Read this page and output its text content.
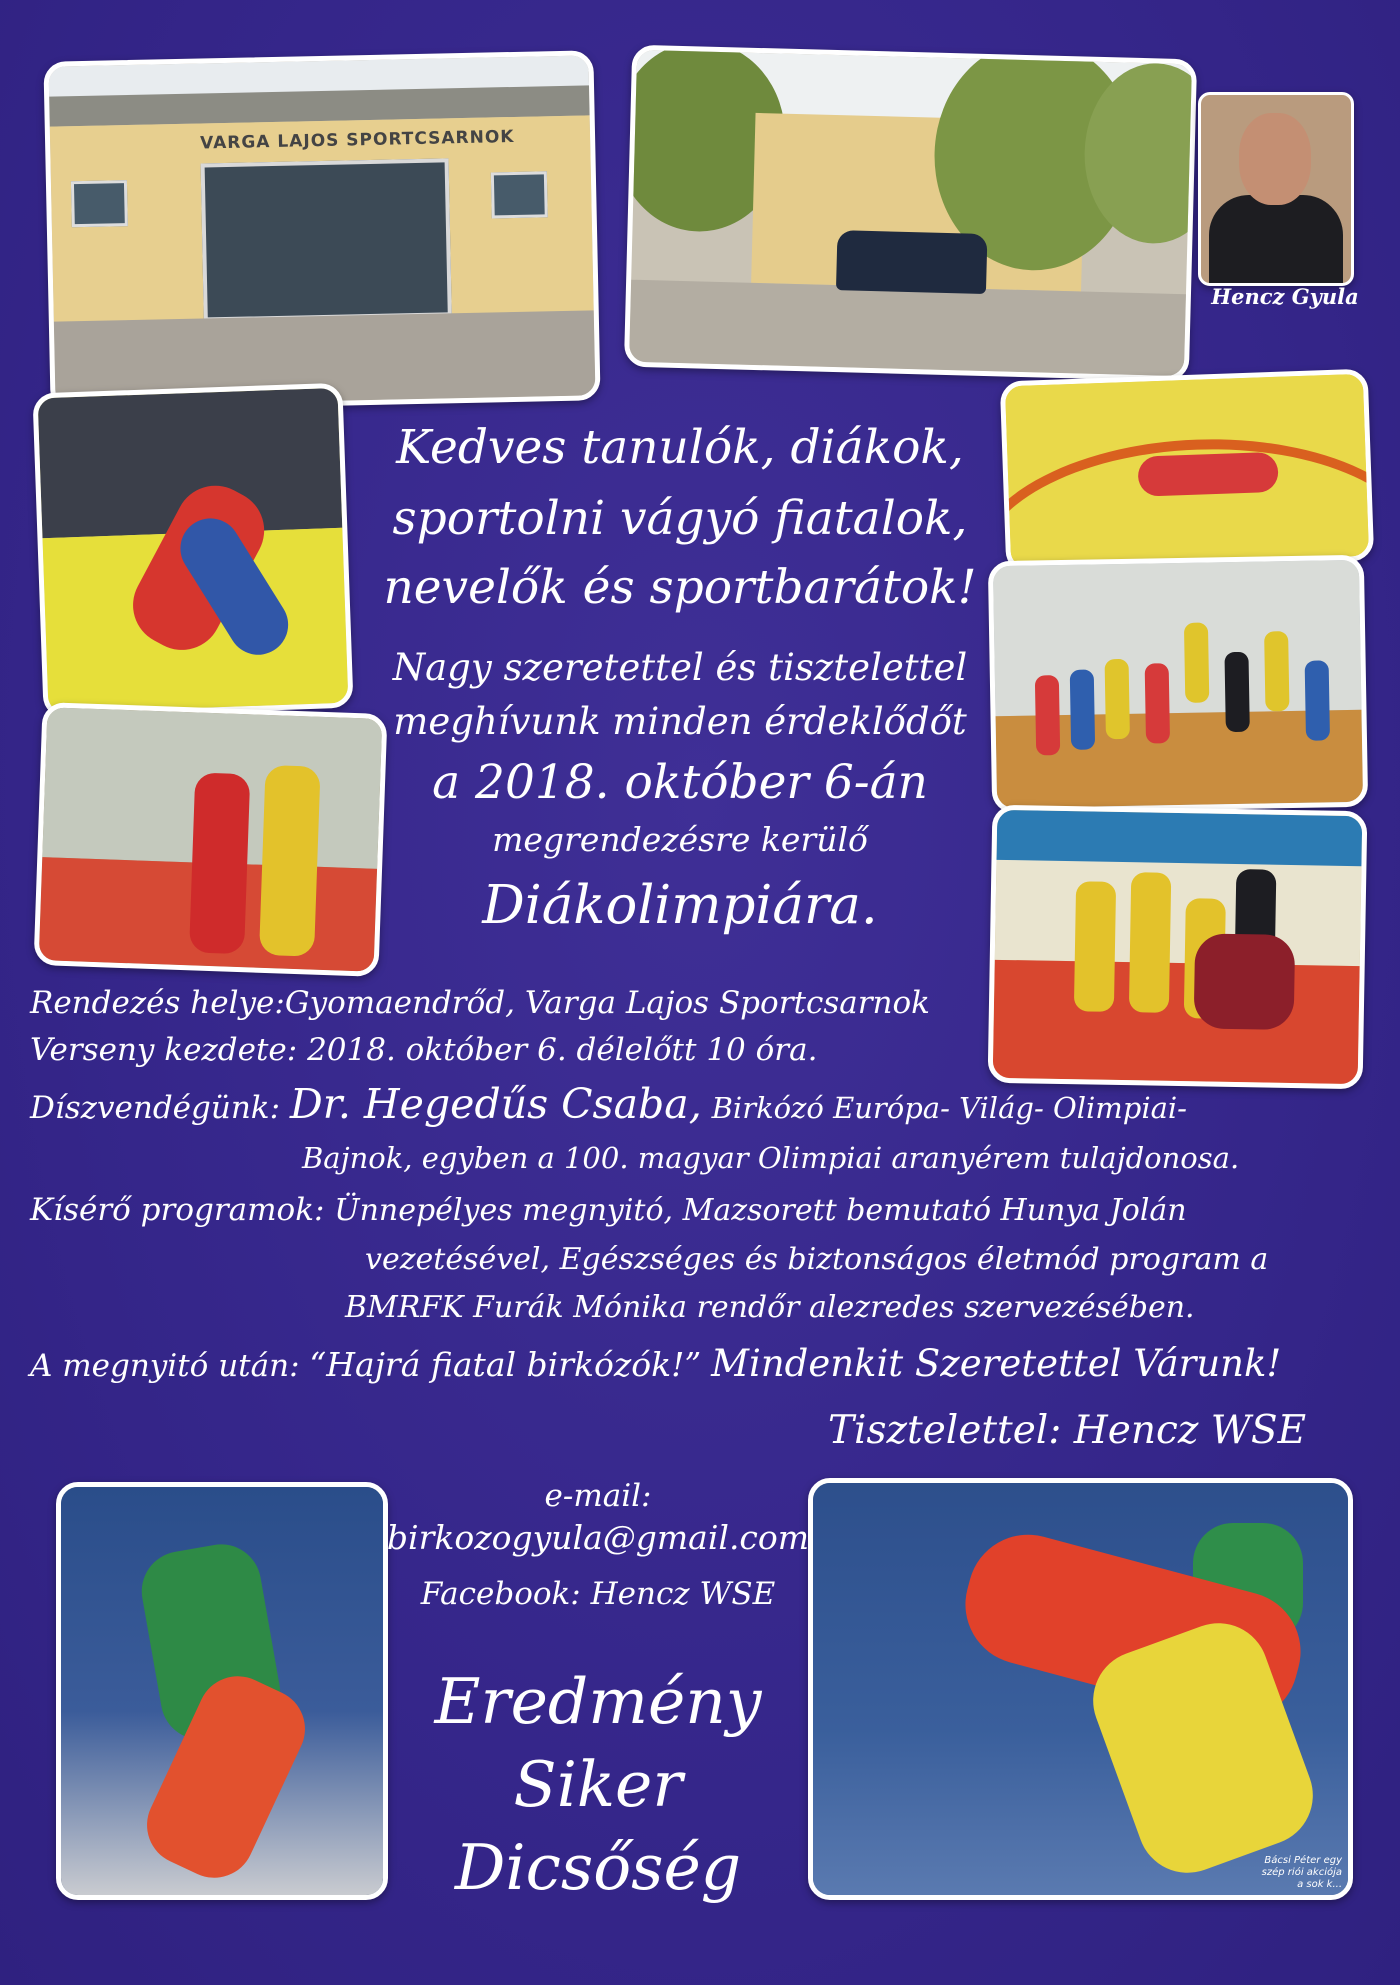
VARGA LAJOS SPORTCSARNOK
Hencz Gyula
Bácsi Péter egy
szép riói akciója
a sok k...
Kedves tanulók, diákok,
sportolni vágyó fiatalok,
nevelők és sportbarátok!
Nagy szeretettel és tisztelettel
meghívunk minden érdeklődőt
a 2018. október 6-án
megrendezésre kerülő
Diákolimpiára.
Rendezés helye:Gyomaendrőd, Varga Lajos Sportcsarnok
Verseny kezdete: 2018. október 6. délelőtt 10 óra.
Díszvendégünk: Dr. Hegedűs Csaba, Birkózó Európa- Világ- Olimpiai-
Bajnok, egyben a 100. magyar Olimpiai aranyérem tulajdonosa.
Kísérő programok: Ünnepélyes megnyitó, Mazsorett bemutató Hunya Jolán
vezetésével, Egészséges és biztonságos életmód program a
BMRFK Furák Mónika rendőr alezredes szervezésében.
A megnyitó után: “Hajrá fiatal birkózók!” Mindenkit Szeretettel Várunk!
Tisztelettel: Hencz WSE
e-mail:
birkozogyula@gmail.com
Facebook: Hencz WSE
Eredmény
Siker
Dicsőség
